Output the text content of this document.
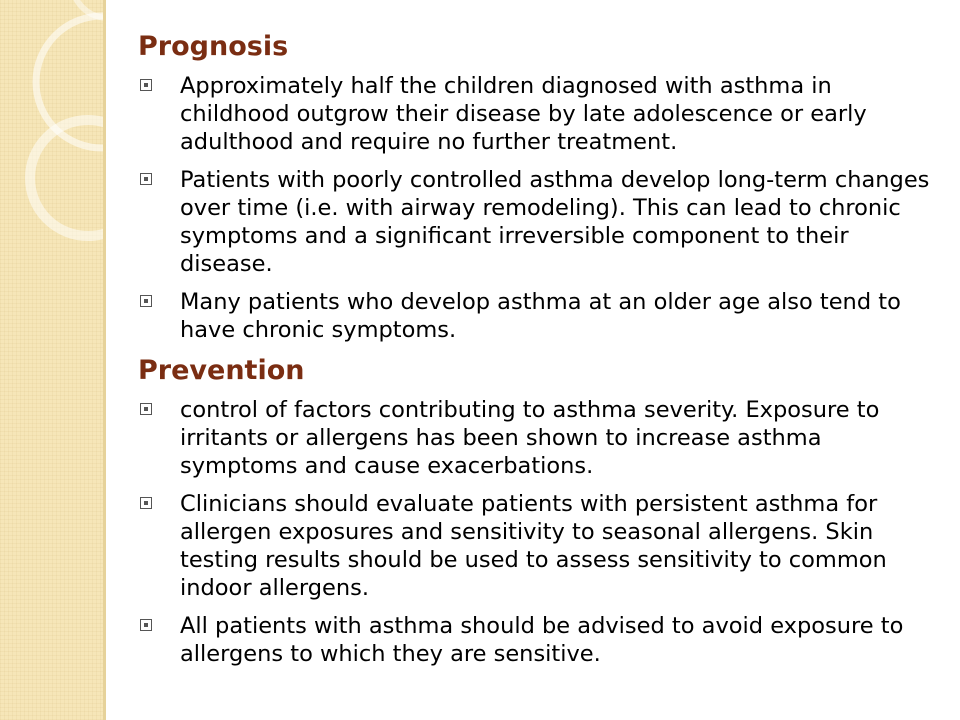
Prognosis
Approximately half the children diagnosed with asthma in childhood outgrow their disease by late adolescence or early adulthood and require no further treatment.
Patients with poorly controlled asthma develop long-term changes over time (i.e. with airway remodeling). This can lead to chronic symptoms and a significant irreversible component to their disease.
Many patients who develop asthma at an older age also tend to have chronic symptoms.
Prevention
control of factors contributing to asthma severity. Exposure to irritants or allergens has been shown to increase asthma symptoms and cause exacerbations.
Clinicians should evaluate patients with persistent asthma for allergen exposures and sensitivity to seasonal allergens. Skin testing results should be used to assess sensitivity to common indoor allergens.
All patients with asthma should be advised to avoid exposure to allergens to which they are sensitive.
